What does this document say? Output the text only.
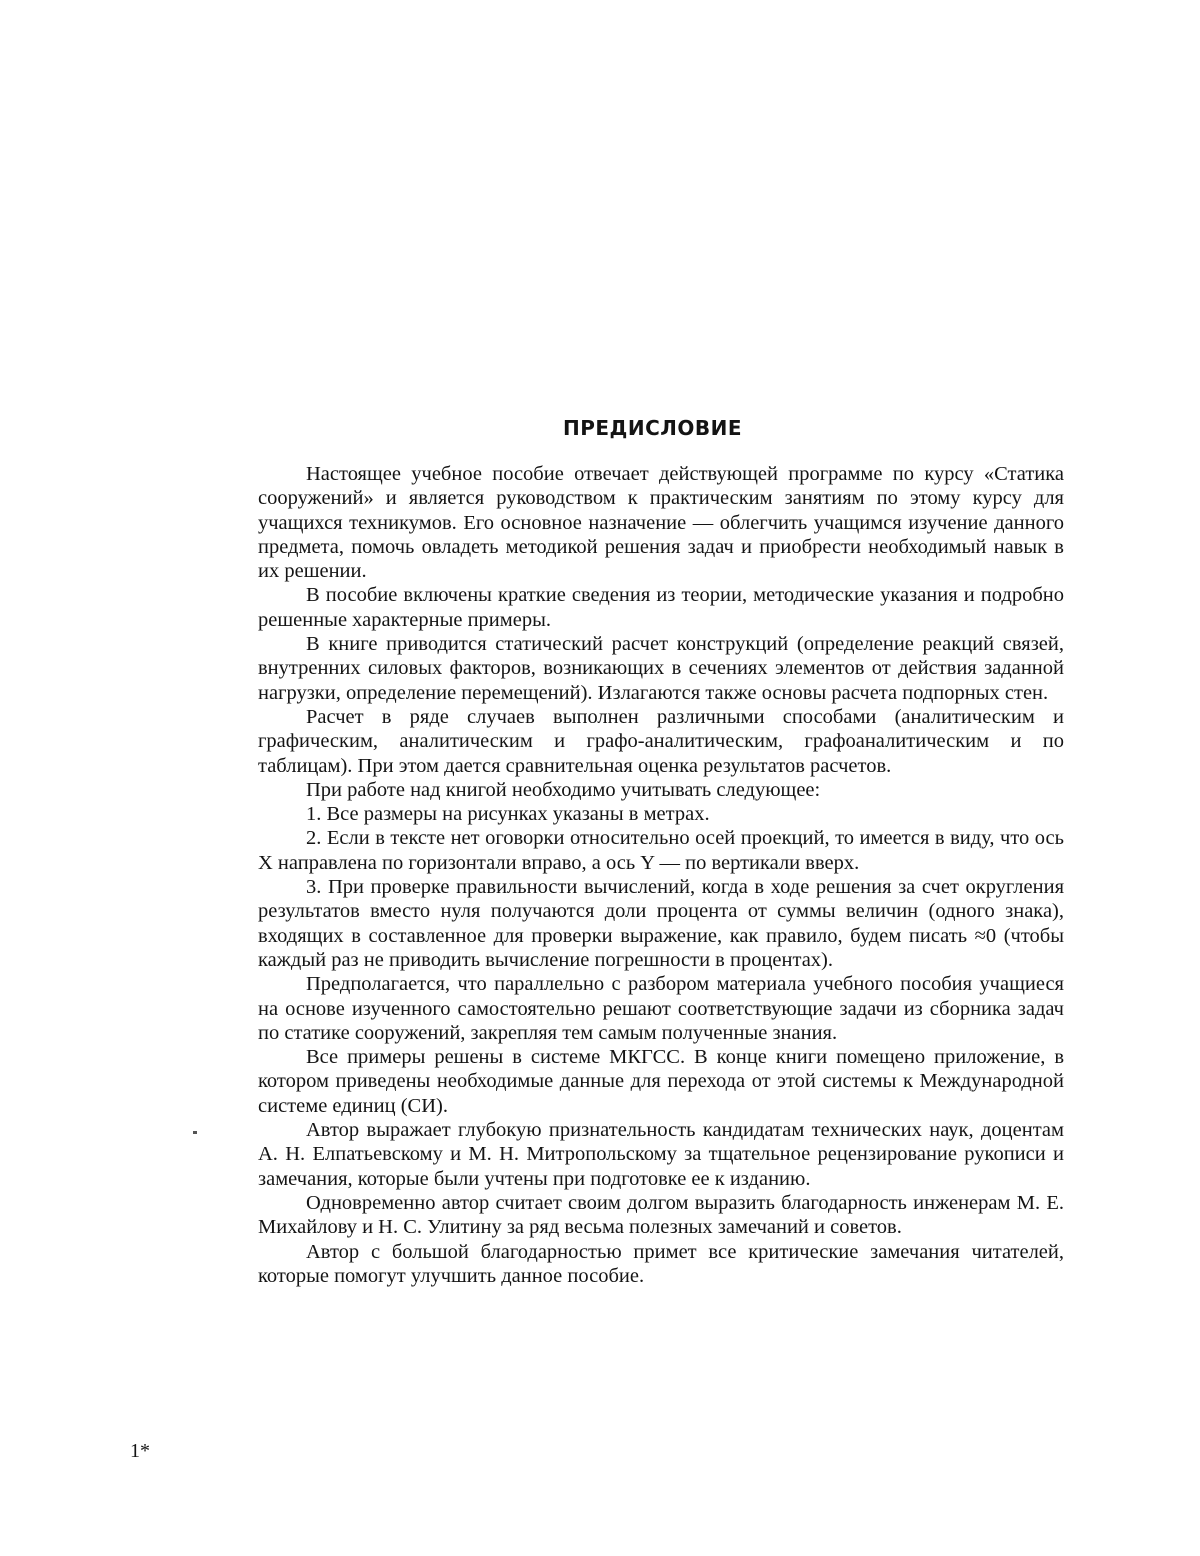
ПРЕДИСЛОВИЕ

Настоящее учебное пособие отвечает действующей программе по курсу «Статика сооружений» и является руководством к практическим занятиям по этому курсу для учащихся техникумов. Его основное назначение — облегчить учащимся изучение данного предмета, помочь овладеть методикой решения задач и приобрести необходимый навык в их решении.

В пособие включены краткие сведения из теории, методические указания и подробно решенные характерные примеры.

В книге приводится статический расчет конструкций (определение реакций связей, внутренних силовых факторов, возникающих в сечениях элементов от действия заданной нагрузки, определение перемещений). Излагаются также основы расчета подпорных стен.

Расчет в ряде случаев выполнен различными способами (аналитическим и графическим, аналитическим и графо-аналитическим, графоаналитическим и по таблицам). При этом дается сравнительная оценка результатов расчетов.

При работе над книгой необходимо учитывать следующее:

1. Все размеры на рисунках указаны в метрах.

2. Если в тексте нет оговорки относительно осей проекций, то имеется в виду, что ось X направлена по горизонтали вправо, а ось Y — по вертикали вверх.

3. При проверке правильности вычислений, когда в ходе решения за счет округления результатов вместо нуля получаются доли процента от суммы величин (одного знака), входящих в составленное для проверки выражение, как правило, будем писать ≈0 (чтобы каждый раз не приводить вычисление погрешности в процентах).

Предполагается, что параллельно с разбором материала учебного пособия учащиеся на основе изученного самостоятельно решают соответствующие задачи из сборника задач по статике сооружений, закрепляя тем самым полученные знания.

Все примеры решены в системе МКГСС. В конце книги помещено приложение, в котором приведены необходимые данные для перехода от этой системы к Международной системе единиц (СИ).

Автор выражает глубокую признательность кандидатам технических наук, доцентам А. Н. Елпатьевскому и М. Н. Митропольскому за тщательное рецензирование рукописи и замечания, которые были учтены при подготовке ее к изданию.

Одновременно автор считает своим долгом выразить благодарность инженерам М. Е. Михайлову и Н. С. Улитину за ряд весьма полезных замечаний и советов.

Автор с большой благодарностью примет все критические замечания читателей, которые помогут улучшить данное пособие.

1*
